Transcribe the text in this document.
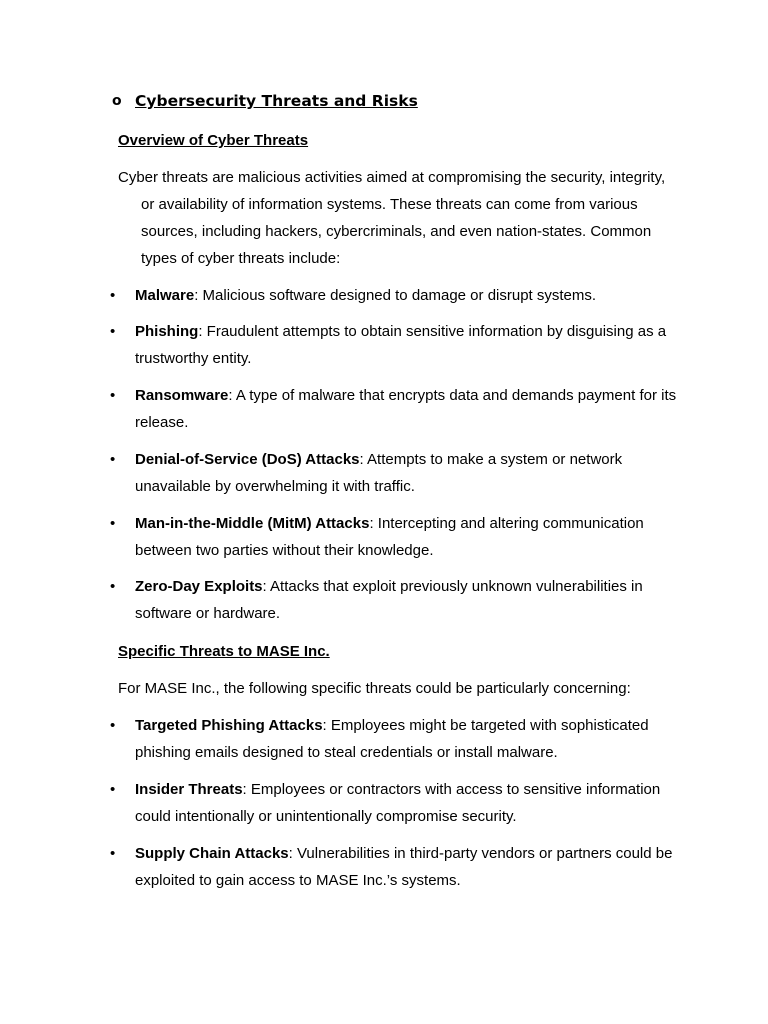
o Cybersecurity Threats and Risks
Overview of Cyber Threats
Cyber threats are malicious activities aimed at compromising the security, integrity, or availability of information systems. These threats can come from various sources, including hackers, cybercriminals, and even nation-states. Common types of cyber threats include:
•	Malware: Malicious software designed to damage or disrupt systems.
•	Phishing: Fraudulent attempts to obtain sensitive information by disguising as a trustworthy entity.
•	Ransomware: A type of malware that encrypts data and demands payment for its release.
•	Denial-of-Service (DoS) Attacks: Attempts to make a system or network unavailable by overwhelming it with traffic.
•	Man-in-the-Middle (MitM) Attacks: Intercepting and altering communication between two parties without their knowledge.
•	Zero-Day Exploits: Attacks that exploit previously unknown vulnerabilities in software or hardware.
Specific Threats to MASE Inc.
For MASE Inc., the following specific threats could be particularly concerning:
•	Targeted Phishing Attacks: Employees might be targeted with sophisticated phishing emails designed to steal credentials or install malware.
•	Insider Threats: Employees or contractors with access to sensitive information could intentionally or unintentionally compromise security.
•	Supply Chain Attacks: Vulnerabilities in third-party vendors or partners could be exploited to gain access to MASE Inc.’s systems.
